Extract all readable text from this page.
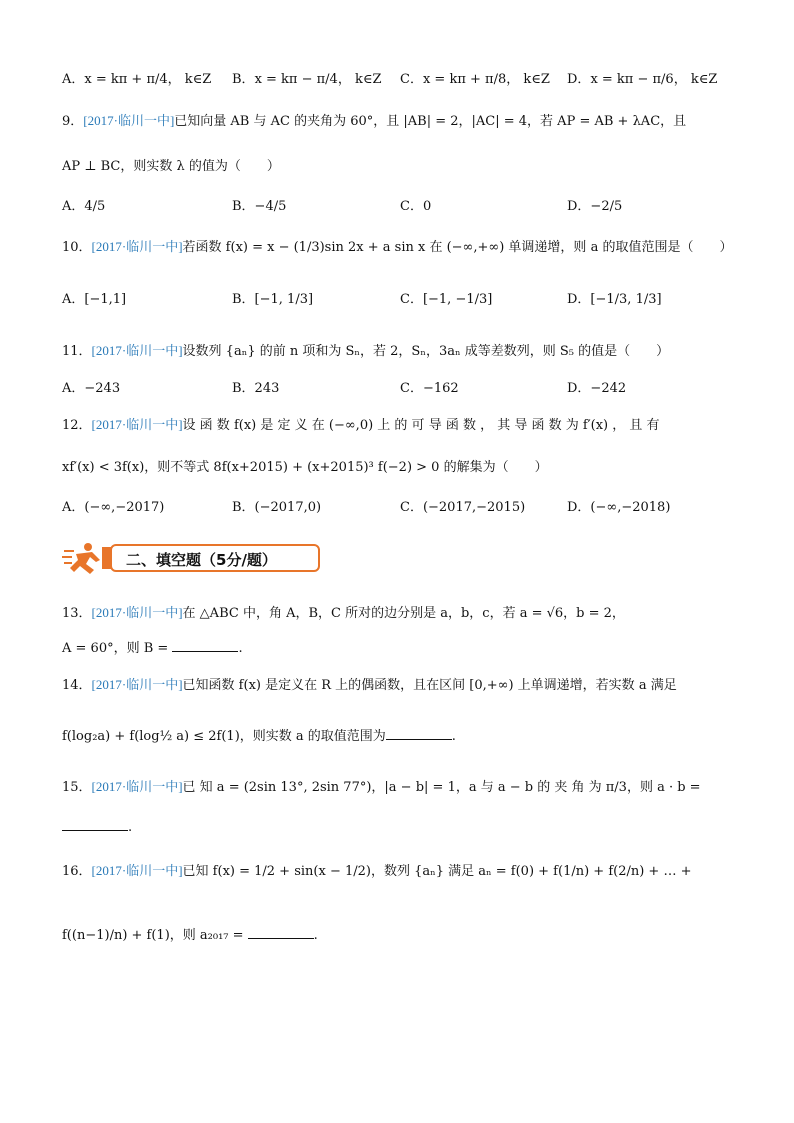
A．x = kπ + π/4， k∈Z B．x = kπ − π/4， k∈Z C．x = kπ + π/8， k∈Z D．x = kπ − π/6， k∈Z
9．[2017·临川一中]已知向量 AB 与 AC 的夹角为 60°，且 |AB| = 2，|AC| = 4，若 AP = AB + λAC，且
AP ⊥ BC，则实数 λ 的值为（　　）
A．4/5	B．−4/5	C．0	D．−2/5
10．[2017·临川一中]若函数 f(x) = x − (1/3)sin 2x + a sin x 在 (−∞,+∞) 单调递增，则 a 的取值范围是（　　）
A．[−1,1]	B．[−1, 1/3]	C．[−1, −1/3]	D．[−1/3, 1/3]
11．[2017·临川一中]设数列 {aₙ} 的前 n 项和为 Sₙ，若 2，Sₙ，3aₙ 成等差数列，则 S₅ 的值是（　　）
A．−243	B．243	C．−162	D．−242
12．[2017·临川一中]设 函 数 f(x) 是 定 义 在 (−∞,0) 上 的 可 导 函 数 ， 其 导 函 数 为 f′(x) ， 且 有
xf′(x) < 3f(x)，则不等式 8f(x+2015) + (x+2015)³ f(−2) > 0 的解集为（　　）
A．(−∞,−2017)	B．(−2017,0)	C．(−2017,−2015)	D．(−∞,−2018)
二、填空题（5分/题）
13．[2017·临川一中]在 △ABC 中，角 A，B，C 所对的边分别是 a，b，c，若 a = √6，b = 2，
A = 60°，则 B =	.
14．[2017·临川一中]已知函数 f(x) 是定义在 R 上的偶函数，且在区间 [0,+∞) 上单调递增，若实数 a 满足
f(log₂a) + f(log½ a) ≤ 2f(1)，则实数 a 的取值范围为	.
15．[2017·临川一中]已 知 a = (2sin 13°, 2sin 77°)，|a − b| = 1，a 与 a − b 的 夹 角 为 π/3，则 a · b =
.
16．[2017·临川一中]已知 f(x) = 1/2 + sin(x − 1/2)，数列 {aₙ} 满足 aₙ = f(0) + f(1/n) + f(2/n) + … +
f((n−1)/n) + f(1)，则 a₂₀₁₇ =	.
